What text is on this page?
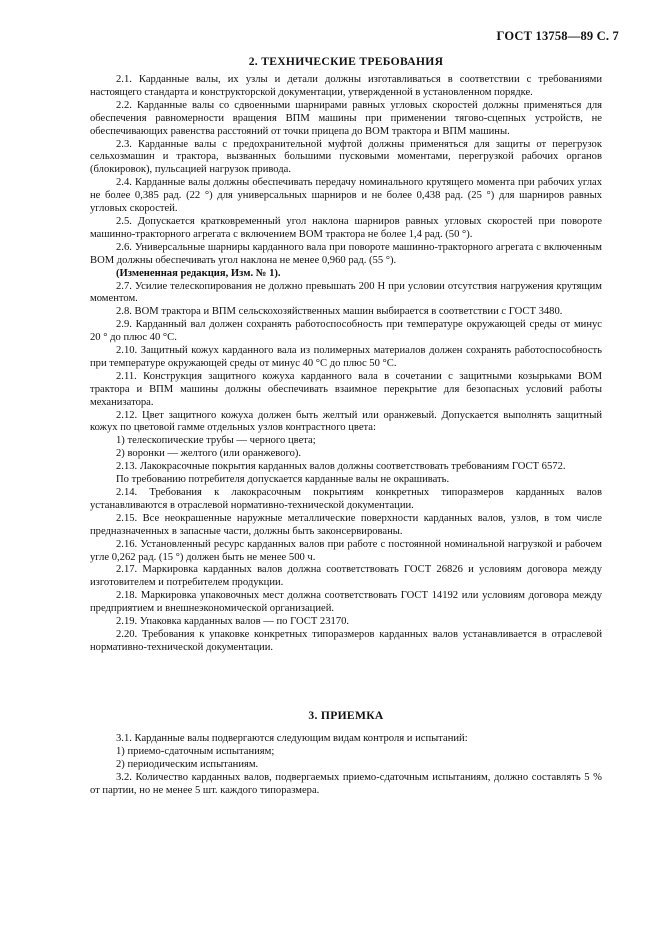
ГОСТ 13758—89 С. 7
2. ТЕХНИЧЕСКИЕ ТРЕБОВАНИЯ

2.1. Карданные валы, их узлы и детали должны изготавливаться в соответствии с требованиями настоящего стандарта и конструкторской документации, утвержденной в установленном порядке.

2.2. Карданные валы со сдвоенными шарнирами равных угловых скоростей должны применяться для обеспечения равномерности вращения ВПМ машины при применении тягово-сцепных устройств, не обеспечивающих равенства расстояний от точки прицепа до ВОМ трактора и ВПМ машины.

2.3. Карданные валы с предохранительной муфтой должны применяться для защиты от перегрузок сельхозмашин и трактора, вызванных большими пусковыми моментами, перегрузкой рабочих органов (блокировок), пульсацией нагрузок привода.

2.4. Карданные валы должны обеспечивать передачу номинального крутящего момента при рабочих углах не более 0,385 рад. (22 °) для универсальных шарниров и не более 0,438 рад. (25 °) для шарниров равных угловых скоростей.

2.5. Допускается кратковременный угол наклона шарниров равных угловых скоростей при повороте машинно-тракторного агрегата с включением ВОМ трактора не более 1,4 рад. (50 °).

2.6. Универсальные шарниры карданного вала при повороте машинно-тракторного агрегата с включенным ВОМ должны обеспечивать угол наклона не менее 0,960 рад. (55 °).

(Измененная редакция, Изм. № 1).

2.7. Усилие телескопирования не должно превышать 200 Н при условии отсутствия нагружения крутящим моментом.

2.8. ВОМ трактора и ВПМ сельскохозяйственных машин выбирается в соответствии с ГОСТ 3480.

2.9. Карданный вал должен сохранять работоспособность при температуре окружающей среды от минус 20 ° до плюс 40 °С.

2.10. Защитный кожух карданного вала из полимерных материалов должен сохранять работоспособность при температуре окружающей среды от минус 40 °С до плюс 50 °С.

2.11. Конструкция защитного кожуха карданного вала в сочетании с защитными козырьками ВОМ трактора и ВПМ машины должны обеспечивать взаимное перекрытие для безопасных условий работы механизатора.

2.12. Цвет защитного кожуха должен быть желтый или оранжевый. Допускается выполнять защитный кожух по цветовой гамме отдельных узлов контрастного цвета:

1) телескопические трубы — черного цвета;

2) воронки — желтого (или оранжевого).

2.13. Лакокрасочные покрытия карданных валов должны соответствовать требованиям ГОСТ 6572.

По требованию потребителя допускается карданные валы не окрашивать.

2.14. Требования к лакокрасочным покрытиям конкретных типоразмеров карданных валов устанавливаются в отраслевой нормативно-технической документации.

2.15. Все неокрашенные наружные металлические поверхности карданных валов, узлов, в том числе предназначенных в запасные части, должны быть законсервированы.

2.16. Установленный ресурс карданных валов при работе с постоянной номинальной нагрузкой и рабочем угле 0,262 рад. (15 °) должен быть не менее 500 ч.

2.17. Маркировка карданных валов должна соответствовать ГОСТ 26826 и условиям договора между изготовителем и потребителем продукции.

2.18. Маркировка упаковочных мест должна соответствовать ГОСТ 14192 или условиям договора между предприятием и внешнеэкономической организацией.

2.19. Упаковка карданных валов — по ГОСТ 23170.

2.20. Требования к упаковке конкретных типоразмеров карданных валов устанавливается в отраслевой нормативно-технической документации.

3. ПРИЕМКА

3.1. Карданные валы подвергаются следующим видам контроля и испытаний:

1) приемо-сдаточным испытаниям;

2) периодическим испытаниям.

3.2. Количество карданных валов, подвергаемых приемо-сдаточным испытаниям, должно составлять 5 % от партии, но не менее 5 шт. каждого типоразмера.
